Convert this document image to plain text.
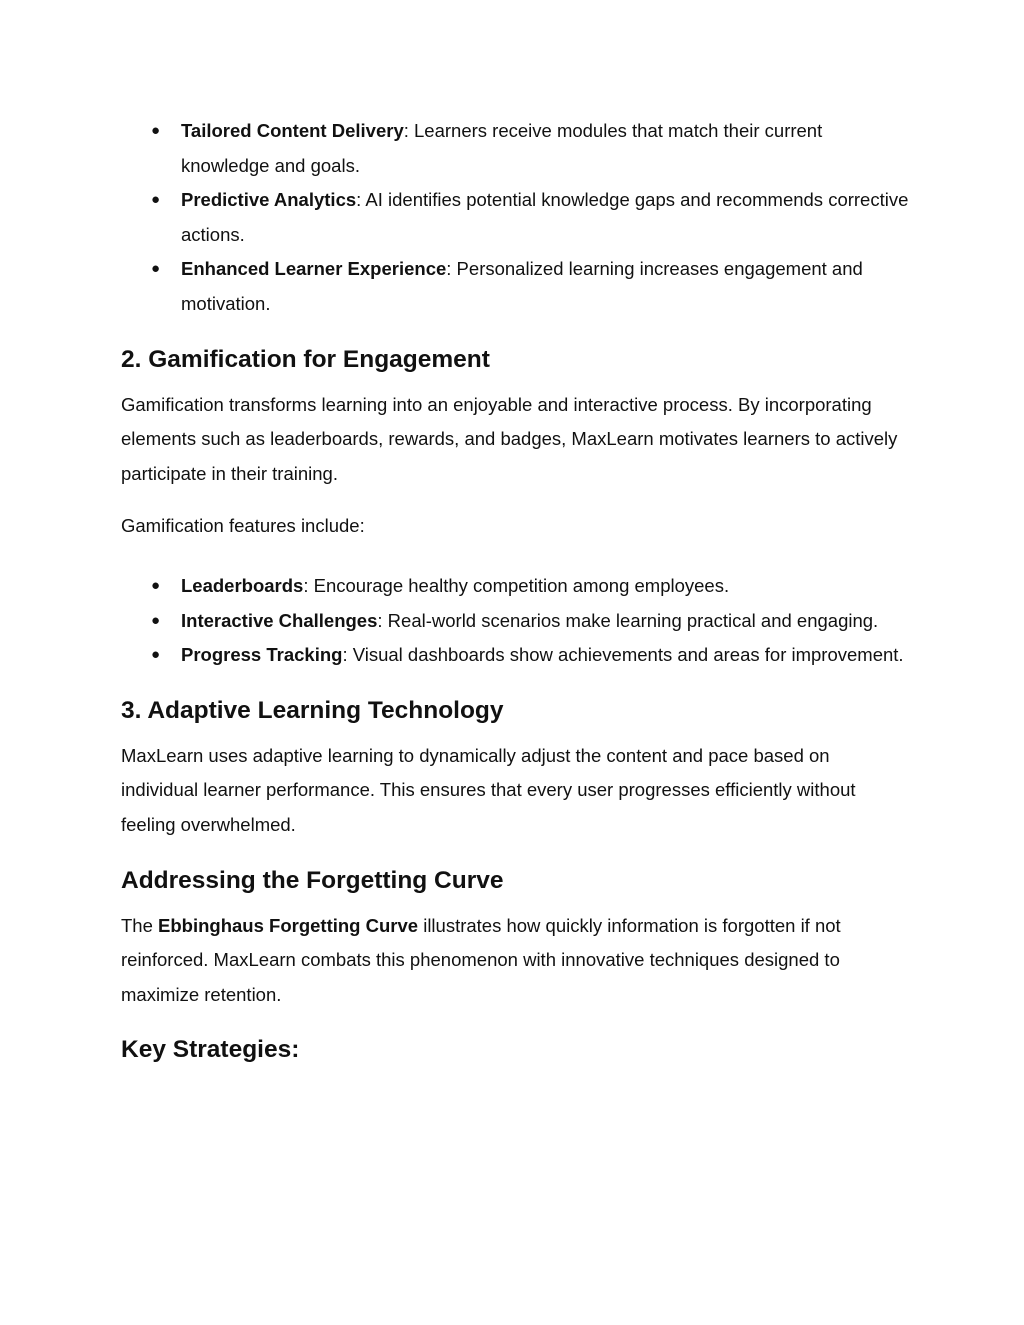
● Tailored Content Delivery: Learners receive modules that match their current knowledge and goals.
● Predictive Analytics: AI identifies potential knowledge gaps and recommends corrective actions.
● Enhanced Learner Experience: Personalized learning increases engagement and motivation.
2. Gamification for Engagement

Gamification transforms learning into an enjoyable and interactive process. By incorporating elements such as leaderboards, rewards, and badges, MaxLearn motivates learners to actively participate in their training.

Gamification features include:

● Leaderboards: Encourage healthy competition among employees.
● Interactive Challenges: Real-world scenarios make learning practical and engaging.
● Progress Tracking: Visual dashboards show achievements and areas for improvement.
3. Adaptive Learning Technology

MaxLearn uses adaptive learning to dynamically adjust the content and pace based on individual learner performance. This ensures that every user progresses efficiently without feeling overwhelmed.

Addressing the Forgetting Curve

The Ebbinghaus Forgetting Curve illustrates how quickly information is forgotten if not reinforced. MaxLearn combats this phenomenon with innovative techniques designed to maximize retention.

Key Strategies:
